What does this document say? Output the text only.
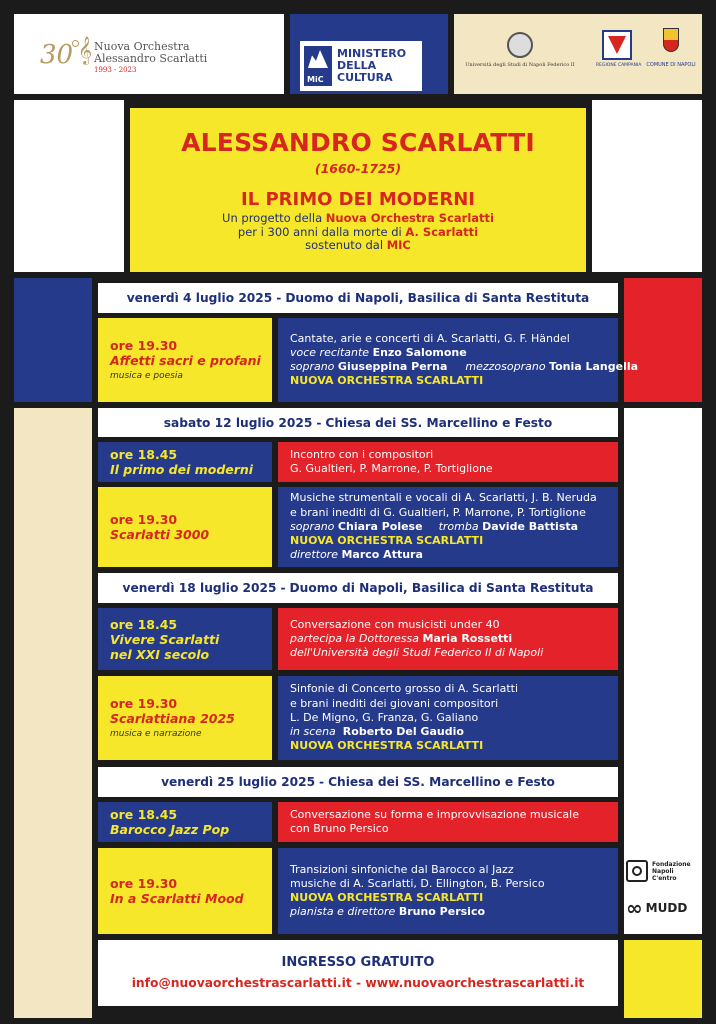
30 𝄞 Nuova Orchestra
Alessandro Scarlatti
1993 - 2023
MiC
MINISTERO
DELLA
CULTURA
Università degli Studi di Napoli Federico II	REGIONE CAMPANIA COMUNE DI NAPOLI
ALESSANDRO SCARLATTI
(1660-1725)
IL PRIMO DEI MODERNI
Un progetto della Nuova Orchestra Scarlatti
per i 300 anni dalla morte di A. Scarlatti
sostenuto dal MIC
Fondazione
Napoli
C'entro
∞ MUDD
venerdì 4 luglio 2025 - Duomo di Napoli, Basilica di Santa Restituta
ore 19.30
Affetti sacri e profani
musica e poesia
Cantate, arie e concerti di A. Scarlatti, G. F. Händel
voce recitante Enzo Salomone
soprano Giuseppina Perna mezzosoprano Tonia Langella
NUOVA ORCHESTRA SCARLATTI
sabato 12 luglio 2025 - Chiesa dei SS. Marcellino e Festo
ore 18.45
Il primo dei moderni
Incontro con i compositori
G. Gualtieri, P. Marrone, P. Tortiglione
ore 19.30
Scarlatti 3000
Musiche strumentali e vocali di A. Scarlatti, J. B. Neruda
e brani inediti di G. Gualtieri, P. Marrone, P. Tortiglione
soprano Chiara Polese tromba Davide Battista
NUOVA ORCHESTRA SCARLATTI
direttore Marco Attura
venerdì 18 luglio 2025 - Duomo di Napoli, Basilica di Santa Restituta
ore 18.45
Vivere Scarlatti
nel XXI secolo
Conversazione con musicisti under 40
partecipa la Dottoressa Maria Rossetti
dell'Università degli Studi Federico II di Napoli
ore 19.30
Scarlattiana 2025
musica e narrazione
Sinfonie di Concerto grosso di A. Scarlatti
e brani inediti dei giovani compositori
L. De Migno, G. Franza, G. Galiano
in scena Roberto Del Gaudio
NUOVA ORCHESTRA SCARLATTI
venerdì 25 luglio 2025 - Chiesa dei SS. Marcellino e Festo
ore 18.45
Barocco Jazz Pop
Conversazione su forma e improvvisazione musicale
con Bruno Persico
ore 19.30
In a Scarlatti Mood
Transizioni sinfoniche dal Barocco al Jazz
musiche di A. Scarlatti, D. Ellington, B. Persico
NUOVA ORCHESTRA SCARLATTI
pianista e direttore Bruno Persico
INGRESSO GRATUITO
info@nuovaorchestrascarlatti.it - www.nuovaorchestrascarlatti.it
